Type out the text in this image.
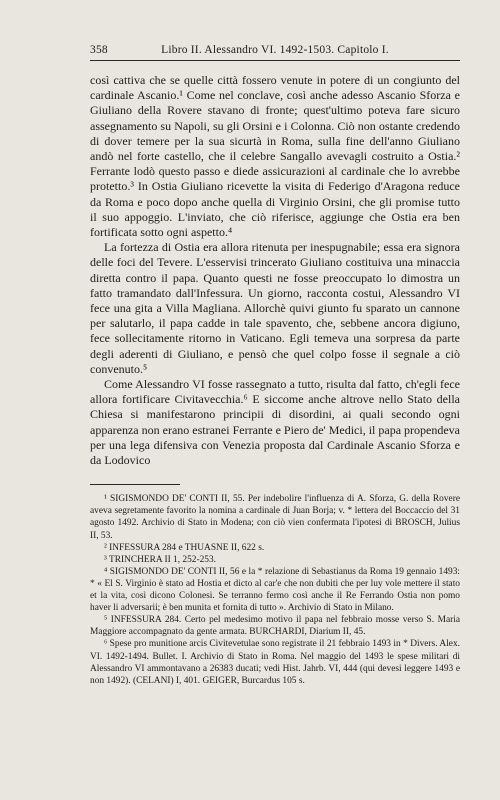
358	Libro II. Alessandro VI. 1492-1503. Capitolo I.

così cattiva che se quelle città fossero venute in potere di un congiunto del cardinale Ascanio.¹ Come nel conclave, così anche adesso Ascanio Sforza e Giuliano della Rovere stavano di fronte; quest'ultimo poteva fare sicuro assegnamento su Napoli, su gli Orsini e i Colonna. Ciò non ostante credendo di dover temere per la sua sicurtà in Roma, sulla fine dell'anno Giuliano andò nel forte castello, che il celebre Sangallo avevagli costruito a Ostia.² Ferrante lodò questo passo e diede assicurazioni al cardinale che lo avrebbe protetto.³ In Ostia Giuliano ricevette la visita di Federigo d'Aragona reduce da Roma e poco dopo anche quella di Virginio Orsini, che gli promise tutto il suo appoggio. L'inviato, che ciò riferisce, aggiunge che Ostia era ben fortificata sotto ogni aspetto.⁴

La fortezza di Ostia era allora ritenuta per inespugnabile; essa era signora delle foci del Tevere. L'esservisi trincerato Giuliano costituiva una minaccia diretta contro il papa. Quanto questi ne fosse preoccupato lo dimostra un fatto tramandato dall'Infessura. Un giorno, racconta costui, Alessandro VI fece una gita a Villa Magliana. Allorchè quivi giunto fu sparato un cannone per salutarlo, il papa cadde in tale spavento, che, sebbene ancora digiuno, fece sollecitamente ritorno in Vaticano. Egli temeva una sorpresa da parte degli aderenti di Giuliano, e pensò che quel colpo fosse il segnale a ciò convenuto.⁵

Come Alessandro VI fosse rassegnato a tutto, risulta dal fatto, ch'egli fece allora fortificare Civitavecchia.⁶ E siccome anche altrove nello Stato della Chiesa si manifestarono principii di disordini, ai quali secondo ogni apparenza non erano estranei Ferrante e Piero de' Medici, il papa propendeva per una lega difensiva con Venezia proposta dal Cardinale Ascanio Sforza e da Lodovico

¹ SIGISMONDO DE' CONTI II, 55. Per indebolire l'influenza di A. Sforza, G. della Rovere aveva segretamente favorito la nomina a cardinale di Juan Borja; v. * lettera del Boccaccio del 31 agosto 1492. Archivio di Stato in Modena; con ciò vien confermata l'ipotesi di BROSCH, Julius II, 53.

² INFESSURA 284 e THUASNE II, 622 s.

³ TRINCHERA II 1, 252-253.

⁴ SIGISMONDO DE' CONTI II, 56 e la * relazione di Sebastianus da Roma 19 gennaio 1493: * « El S. Virginio è stato ad Hostia et dicto al car'e che non dubiti che per luy vole mettere il stato et la vita, così dicono Colonesi. Se terranno fermo così anche il Re Ferrando Ostia non pomo haver li adversarii; è ben munita et fornita di tutto ». Archivio di Stato in Milano.

⁵ INFESSURA 284. Certo pel medesimo motivo il papa nel febbraio mosse verso S. Maria Maggiore accompagnato da gente armata. BURCHARDI, Diarium II, 45.

⁶ Spese pro munitione arcis Civitevetulae sono registrate il 21 febbraio 1493 in * Divers. Alex. VI. 1492-1494. Bullet. I. Archivio di Stato in Roma. Nel maggio del 1493 le spese militari di Alessandro VI ammontavano a 26383 ducati; vedi Hist. Jahrb. VI, 444 (qui devesi leggere 1493 e non 1492). (CELANI) I, 401. GEIGER, Burcardus 105 s.
